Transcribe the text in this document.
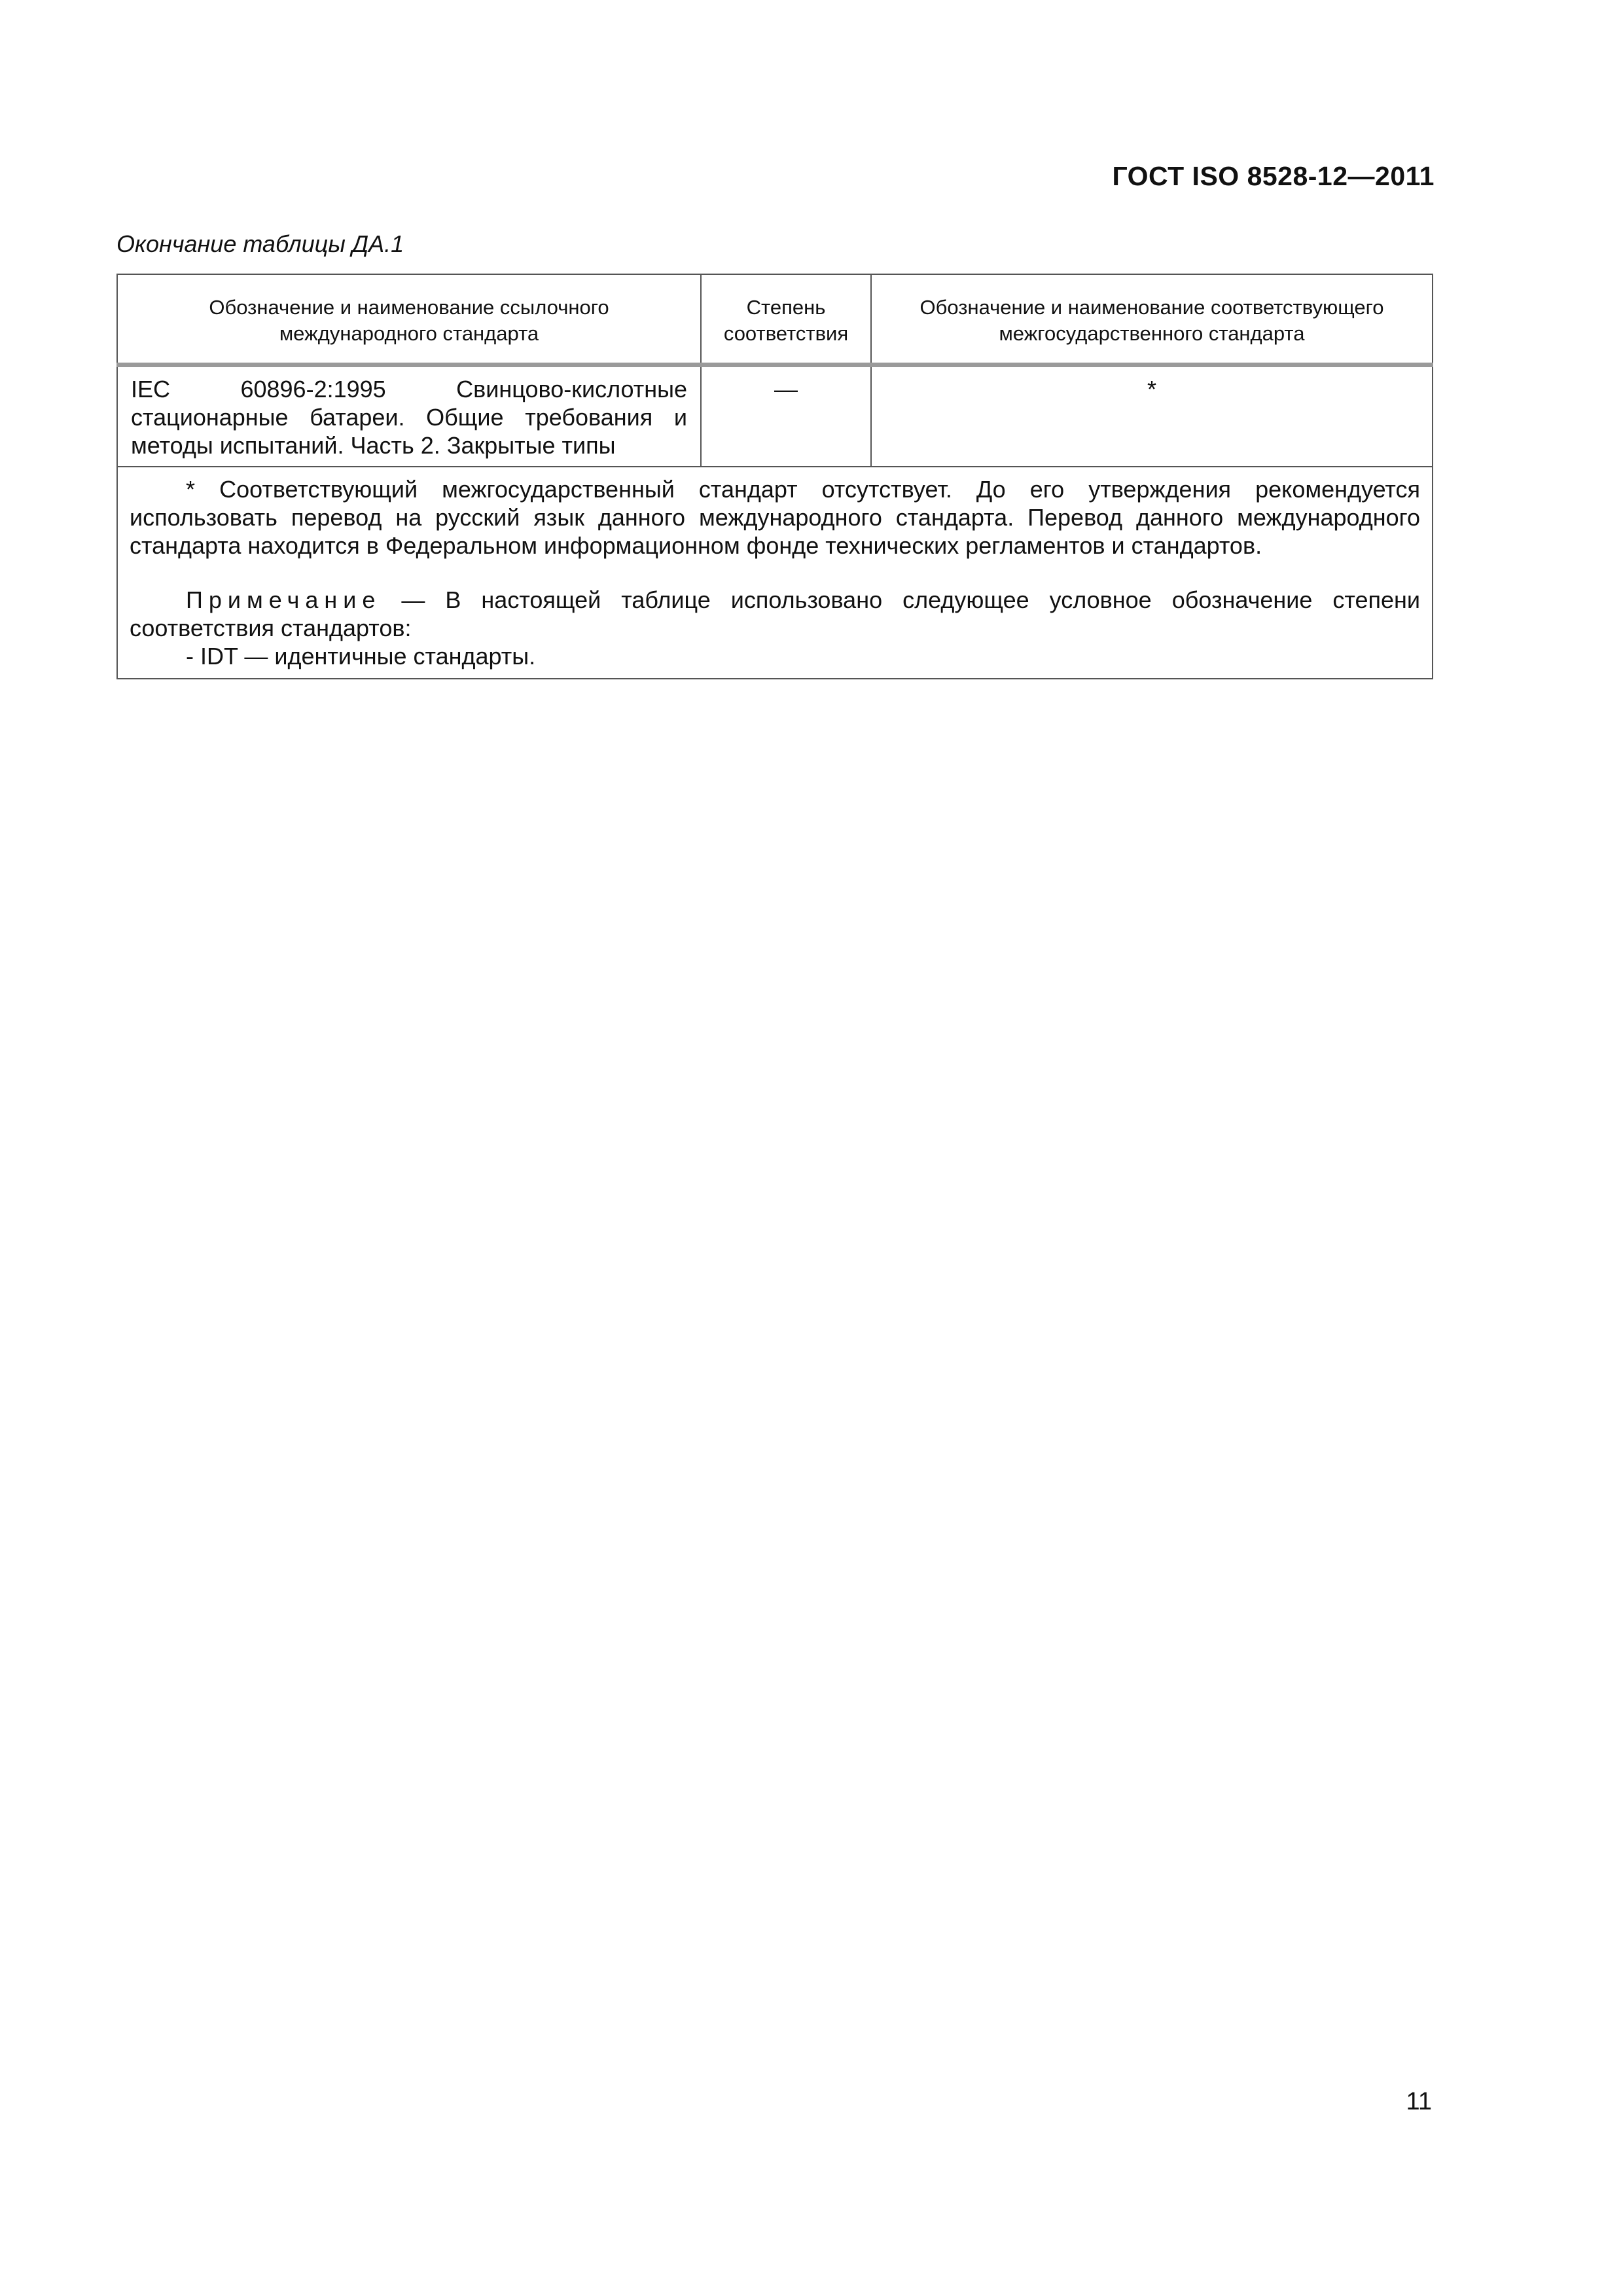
ГОСТ ISO 8528-12—2011
Окончание таблицы ДА.1
Обозначение и наименование ссылочного международного стандарта	Степень соответствия	Обозначение и наименование соответствующего межгосударственного стандарта
IEC 60896-2:1995 Свинцово-кислотные стационарные батареи. Общие требования и методы испытаний. Часть 2. Закрытые типы	—	*

* Соответствующий межгосударственный стандарт отсутствует. До его утверждения рекомендуется использовать перевод на русский язык данного международного стандарта. Перевод данного международного стандарта находится в Федеральном информационном фонде технических регламентов и стандартов.

Примечание — В настоящей таблице использовано следующее условное обозначение степени соответствия стандартов:

- IDT — идентичные стандарты.		

11
